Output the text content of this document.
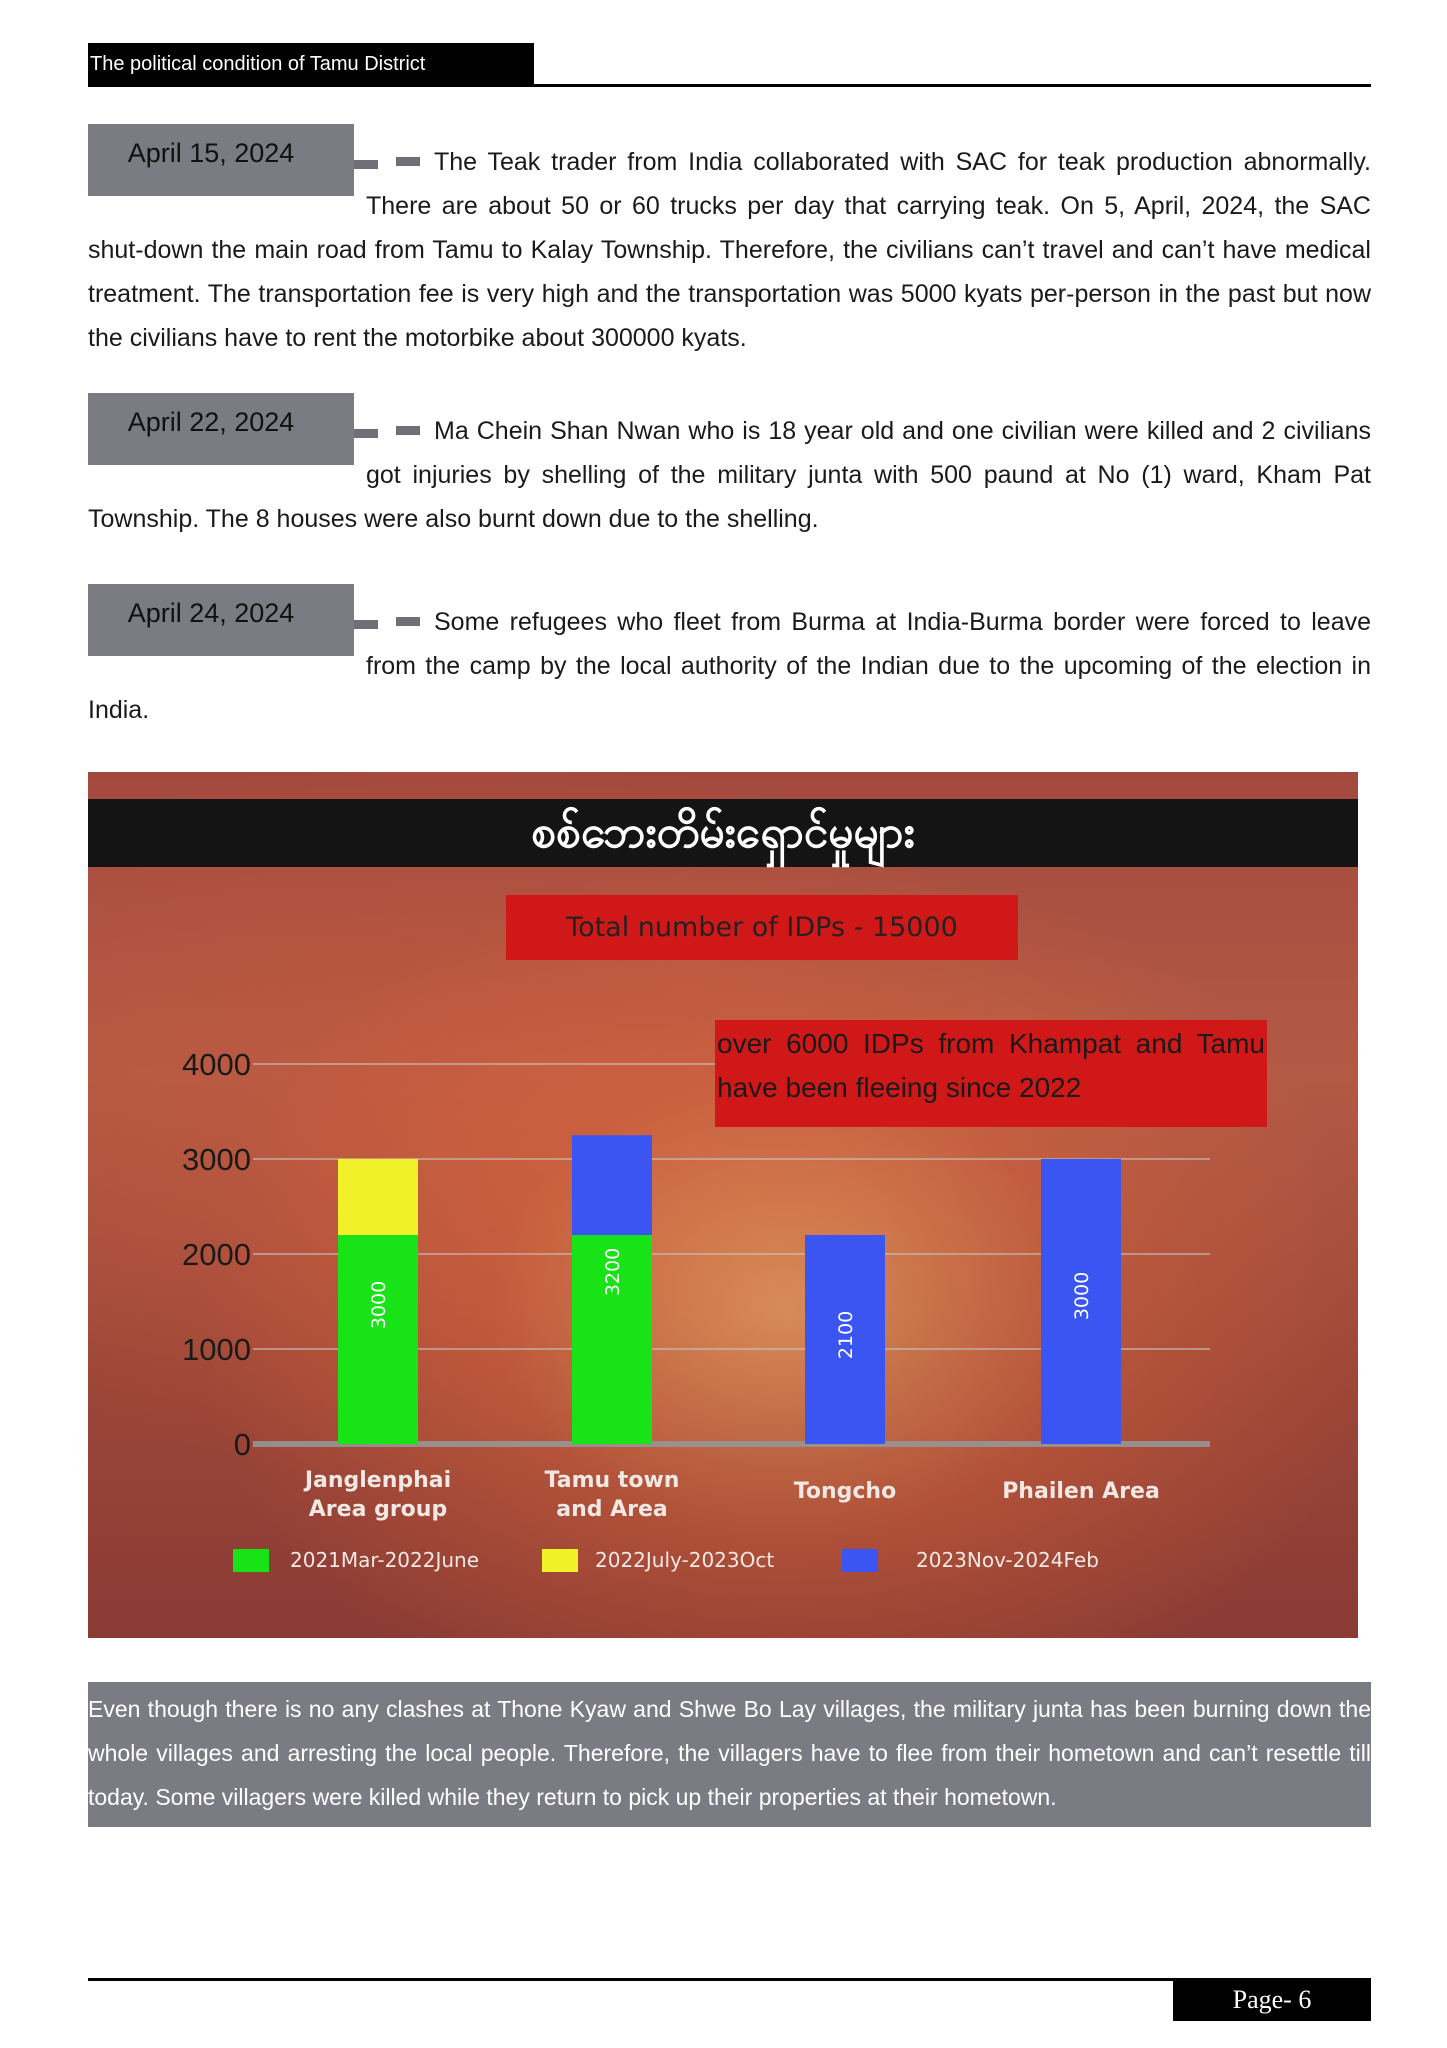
The political condition of Tamu District
April 15, 2024	The Teak trader from India collaborated with SAC for teak production abnormally. There are about 50 or 60 trucks per day that carrying teak. On 5, April, 2024, the SAC shut-down the main road from Tamu to Kalay Township. Therefore, the civilians can’t travel and can’t have medical treatment. The transportation fee is very high and the transportation was 5000 kyats per-person in the past but now the civilians have to rent the motorbike about 300000 kyats.

April 22, 2024	Ma Chein Shan Nwan who is 18 year old and one civilian were killed and 2 civilians got injuries by shelling of the military junta with 500 paund at No (1) ward, Kham Pat Township. The 8 houses were also burnt down due to the shelling.

April 24, 2024	Some refugees who fleet from Burma at India-Burma border were forced to leave from the camp by the local authority of the Indian due to the upcoming of the election in India.

0
1000
2000
3000
4000
3000
Janglenphai Area group
3200
Tamu town and Area
2100
Tongcho
3000
Phailen Area
2021Mar-2022June	2022July-2023Oct	2023Nov-2024Feb
စစ်ဘေးတိမ်းရှောင်မှုများ
Total number of IDPs - 15000
over 6000 IDPs from Khampat and Tamu have been fleeing since 2022
Even though there is no any clashes at Thone Kyaw and Shwe Bo Lay villages, the military junta has been burning down the whole villages and arresting the local people. Therefore, the villagers have to flee from their hometown and can’t resettle till today. Some villagers were killed while they return to pick up their properties at their hometown.
Page- 6
